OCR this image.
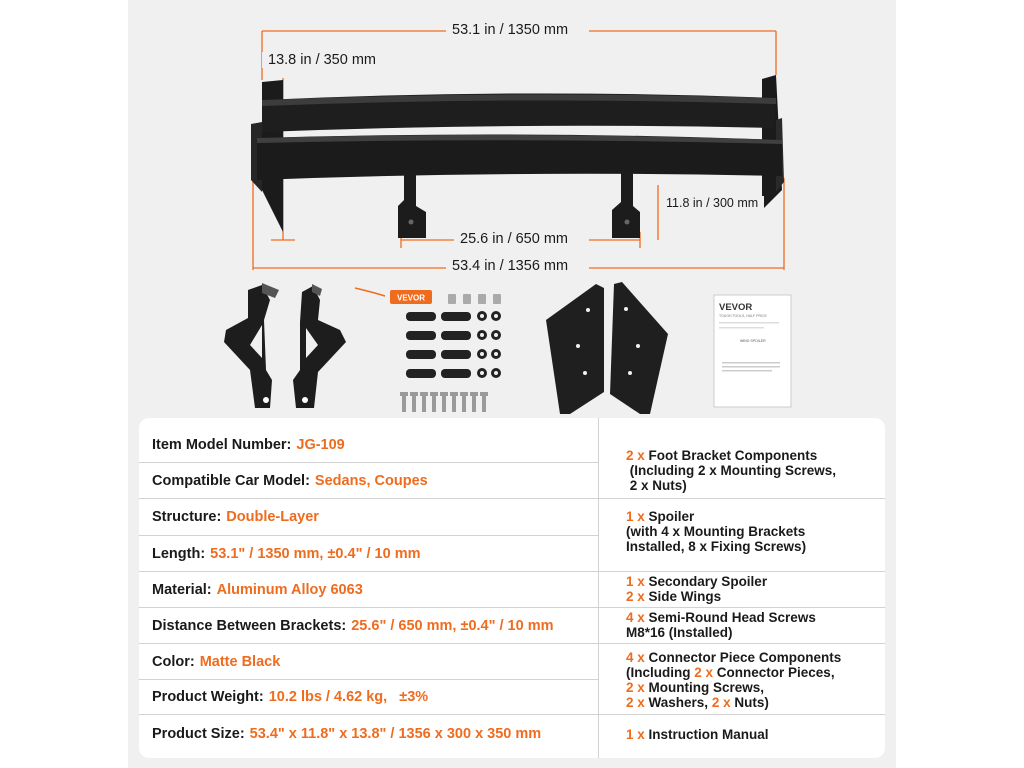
VEVOR
VEVOR
TOUGH TOOLS, HALF PRICE
WING SPOILER
53.1 in / 1350 mm
13.8 in / 350 mm
11.8 in / 300 mm
25.6 in / 650 mm
53.4 in / 1356 mm
Item Model Number: JG-109
Compatible Car Model: Sedans, Coupes
Structure: Double-Layer
Length: 53.1" / 1350 mm, ±0.4" / 10 mm
Material: Aluminum Alloy 6063
Distance Between Brackets: 25.6" / 650 mm, ±0.4" / 10 mm
Color: Matte Black
Product Weight: 10.2 lbs / 4.62 kg,   ±3%
Product Size: 53.4" x 11.8" x 13.8" / 1356 x 300 x 350 mm
2 x Foot Bracket Components
(Including 2 x Mounting Screws,
2 x Nuts)
1 x Spoiler
(with 4 x Mounting Brackets
Installed, 8 x Fixing Screws)
1 x Secondary Spoiler
2 x Side Wings
4 x Semi-Round Head Screws
M8*16 (Installed)
4 x Connector Piece Components
(Including 2 x Connector Pieces,
2 x Mounting Screws,
2 x Washers, 2 x Nuts)
1 x Instruction Manual
